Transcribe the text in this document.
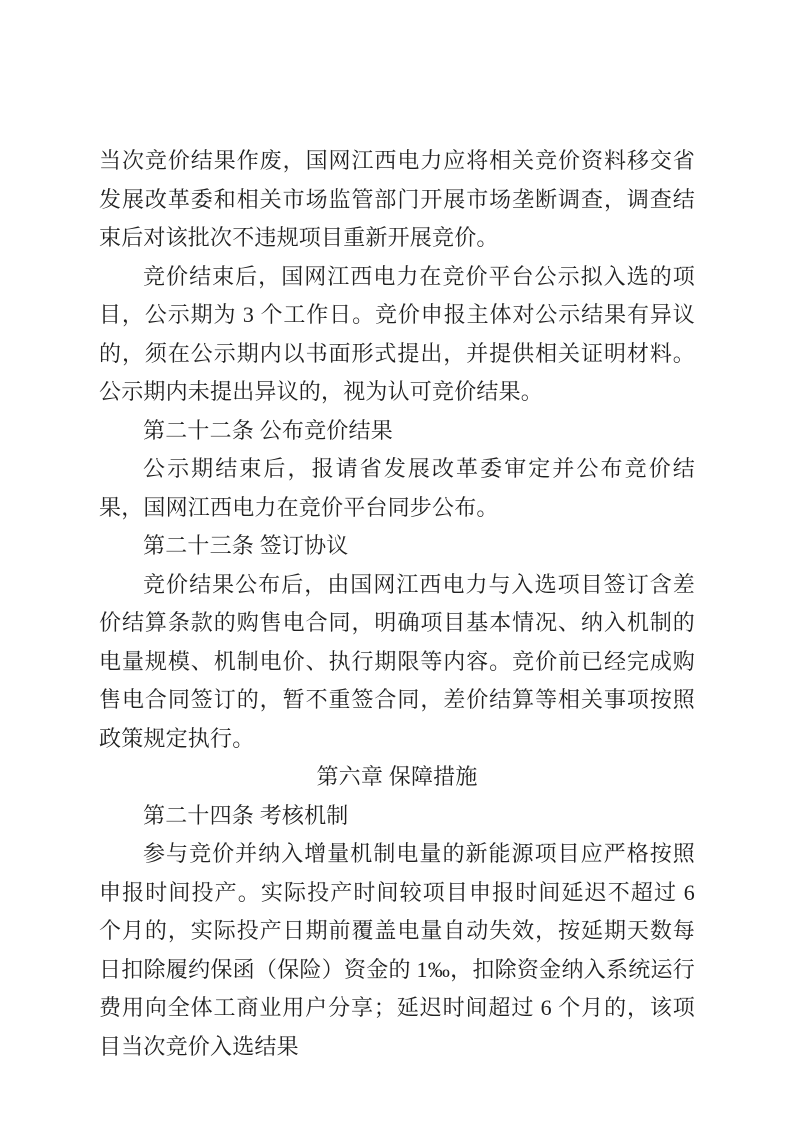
当次竞价结果作废，国网江西电力应将相关竞价资料移交省发展改革委和相关市场监管部门开展市场垄断调查，调查结束后对该批次不违规项目重新开展竞价。

竞价结束后，国网江西电力在竞价平台公示拟入选的项目，公示期为 3 个工作日。竞价申报主体对公示结果有异议的，须在公示期内以书面形式提出，并提供相关证明材料。公示期内未提出异议的，视为认可竞价结果。

第二十二条 公布竞价结果

公示期结束后，报请省发展改革委审定并公布竞价结果，国网江西电力在竞价平台同步公布。

第二十三条 签订协议

竞价结果公布后，由国网江西电力与入选项目签订含差价结算条款的购售电合同，明确项目基本情况、纳入机制的电量规模、机制电价、执行期限等内容。竞价前已经完成购售电合同签订的，暂不重签合同，差价结算等相关事项按照政策规定执行。

第六章 保障措施

第二十四条 考核机制

参与竞价并纳入增量机制电量的新能源项目应严格按照申报时间投产。实际投产时间较项目申报时间延迟不超过 6 个月的，实际投产日期前覆盖电量自动失效，按延期天数每日扣除履约保函（保险）资金的 1‰，扣除资金纳入系统运行费用向全体工商业用户分享；延迟时间超过 6 个月的，该项目当次竞价入选结果
